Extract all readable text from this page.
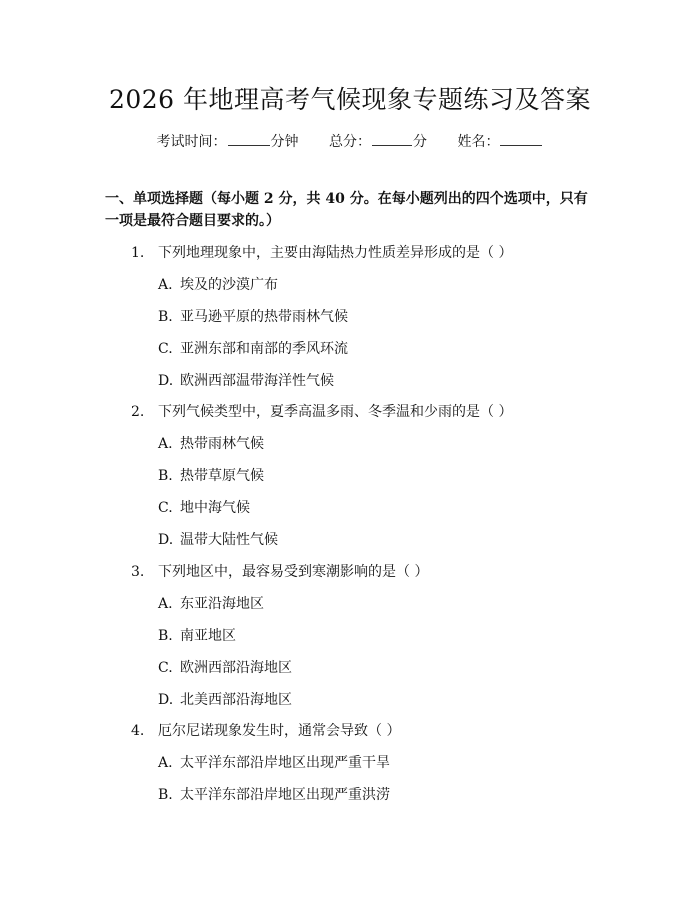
2026 年地理高考气候现象专题练习及答案
考试时间：	分钟 总分：	分 姓名：
一、单项选择题（每小题 2 分，共 40 分。在每小题列出的四个选项中，只有一项是最符合题目要求的。）
1. 下列地理现象中，主要由海陆热力性质差异形成的是（ ）
A. 埃及的沙漠广布
B. 亚马逊平原的热带雨林气候
C. 亚洲东部和南部的季风环流
D. 欧洲西部温带海洋性气候
2. 下列气候类型中，夏季高温多雨、冬季温和少雨的是（ ）
A. 热带雨林气候
B. 热带草原气候
C. 地中海气候
D. 温带大陆性气候
3. 下列地区中，最容易受到寒潮影响的是（ ）
A. 东亚沿海地区
B. 南亚地区
C. 欧洲西部沿海地区
D. 北美西部沿海地区
4. 厄尔尼诺现象发生时，通常会导致（ ）
A. 太平洋东部沿岸地区出现严重干旱
B. 太平洋东部沿岸地区出现严重洪涝
